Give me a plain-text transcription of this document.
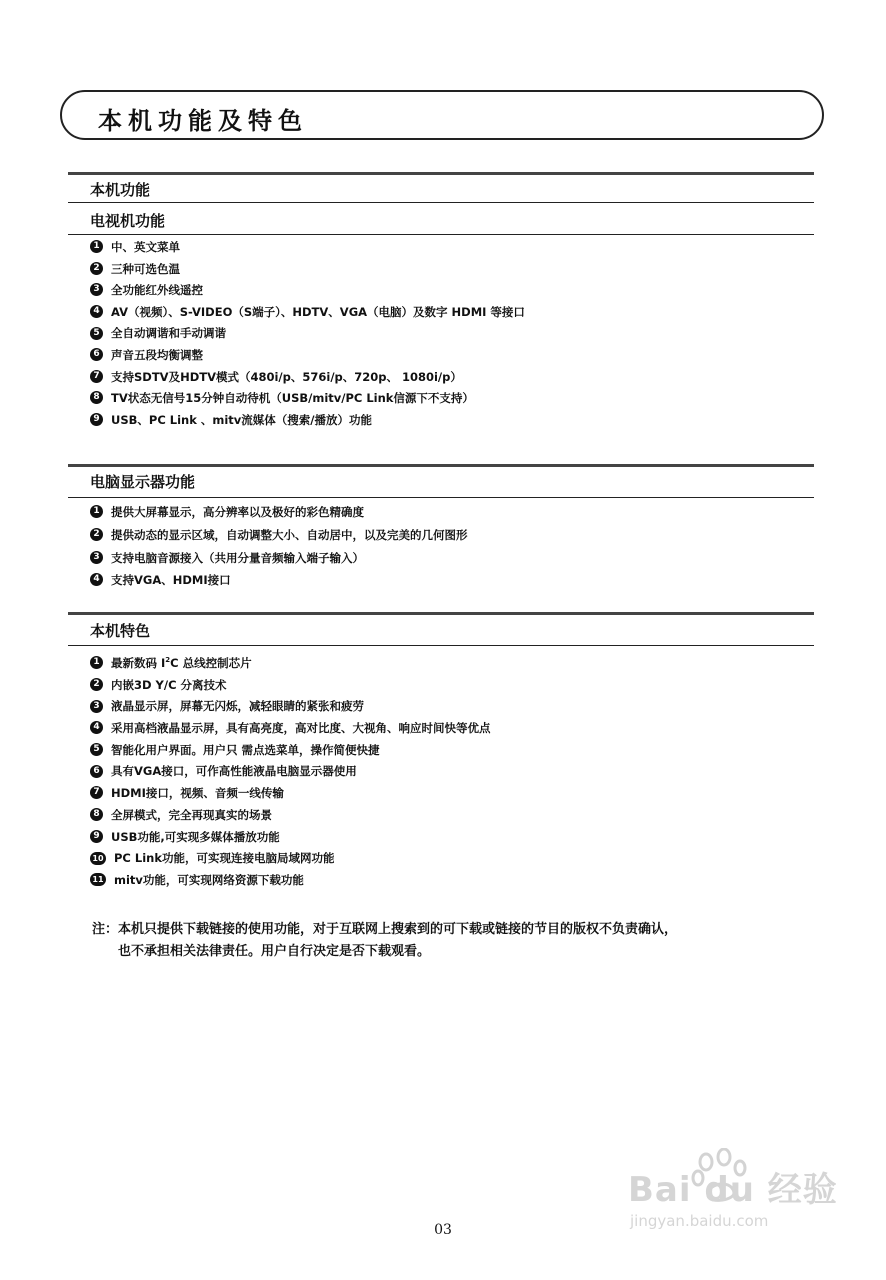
本机功能及特色
本机功能
电视机功能
1 中、英文菜单
2 三种可选色温
3 全功能红外线遥控
4 AV（视频）、S-VIDEO（S端子）、HDTV、VGA（电脑）及数字 HDMI 等接口
5 全自动调谐和手动调谐
6 声音五段均衡调整
7 支持SDTV及HDTV模式（480i/p、576i/p、720p、 1080i/p）
8 TV状态无信号15分钟自动待机（USB/mitv/PC Link信源下不支持）
9 USB、PC Link 、mitv流媒体（搜索/播放）功能
电脑显示器功能
1 提供大屏幕显示，高分辨率以及极好的彩色精确度
2 提供动态的显示区域，自动调整大小、自动居中，以及完美的几何图形
3 支持电脑音源接入（共用分量音频输入端子输入）
4 支持VGA、HDMI接口
本机特色
1 最新数码 $I^2C$ 总线控制芯片
2 内嵌3D Y/C 分离技术
3 液晶显示屏，屏幕无闪烁，减轻眼睛的紧张和疲劳
4 采用高档液晶显示屏，具有高亮度，高对比度、大视角、响应时间快等优点
5 智能化用户界面。用户只 需点选菜单，操作简便快捷
6 具有VGA接口，可作高性能液晶电脑显示器使用
7 HDMI接口，视频、音频一线传输
8 全屏模式，完全再现真实的场景
9 USB功能,可实现多媒体播放功能
10 PC Link功能，可实现连接电脑局域网功能
11 mitv功能，可实现网络资源下载功能
注：本机只提供下载链接的使用功能，对于互联网上搜索到的可下载或链接的节目的版权不负责确认，
也不承担相关法律责任。用户自行决定是否下载观看。
03
Bai du 经验
jingyan.baidu.com
